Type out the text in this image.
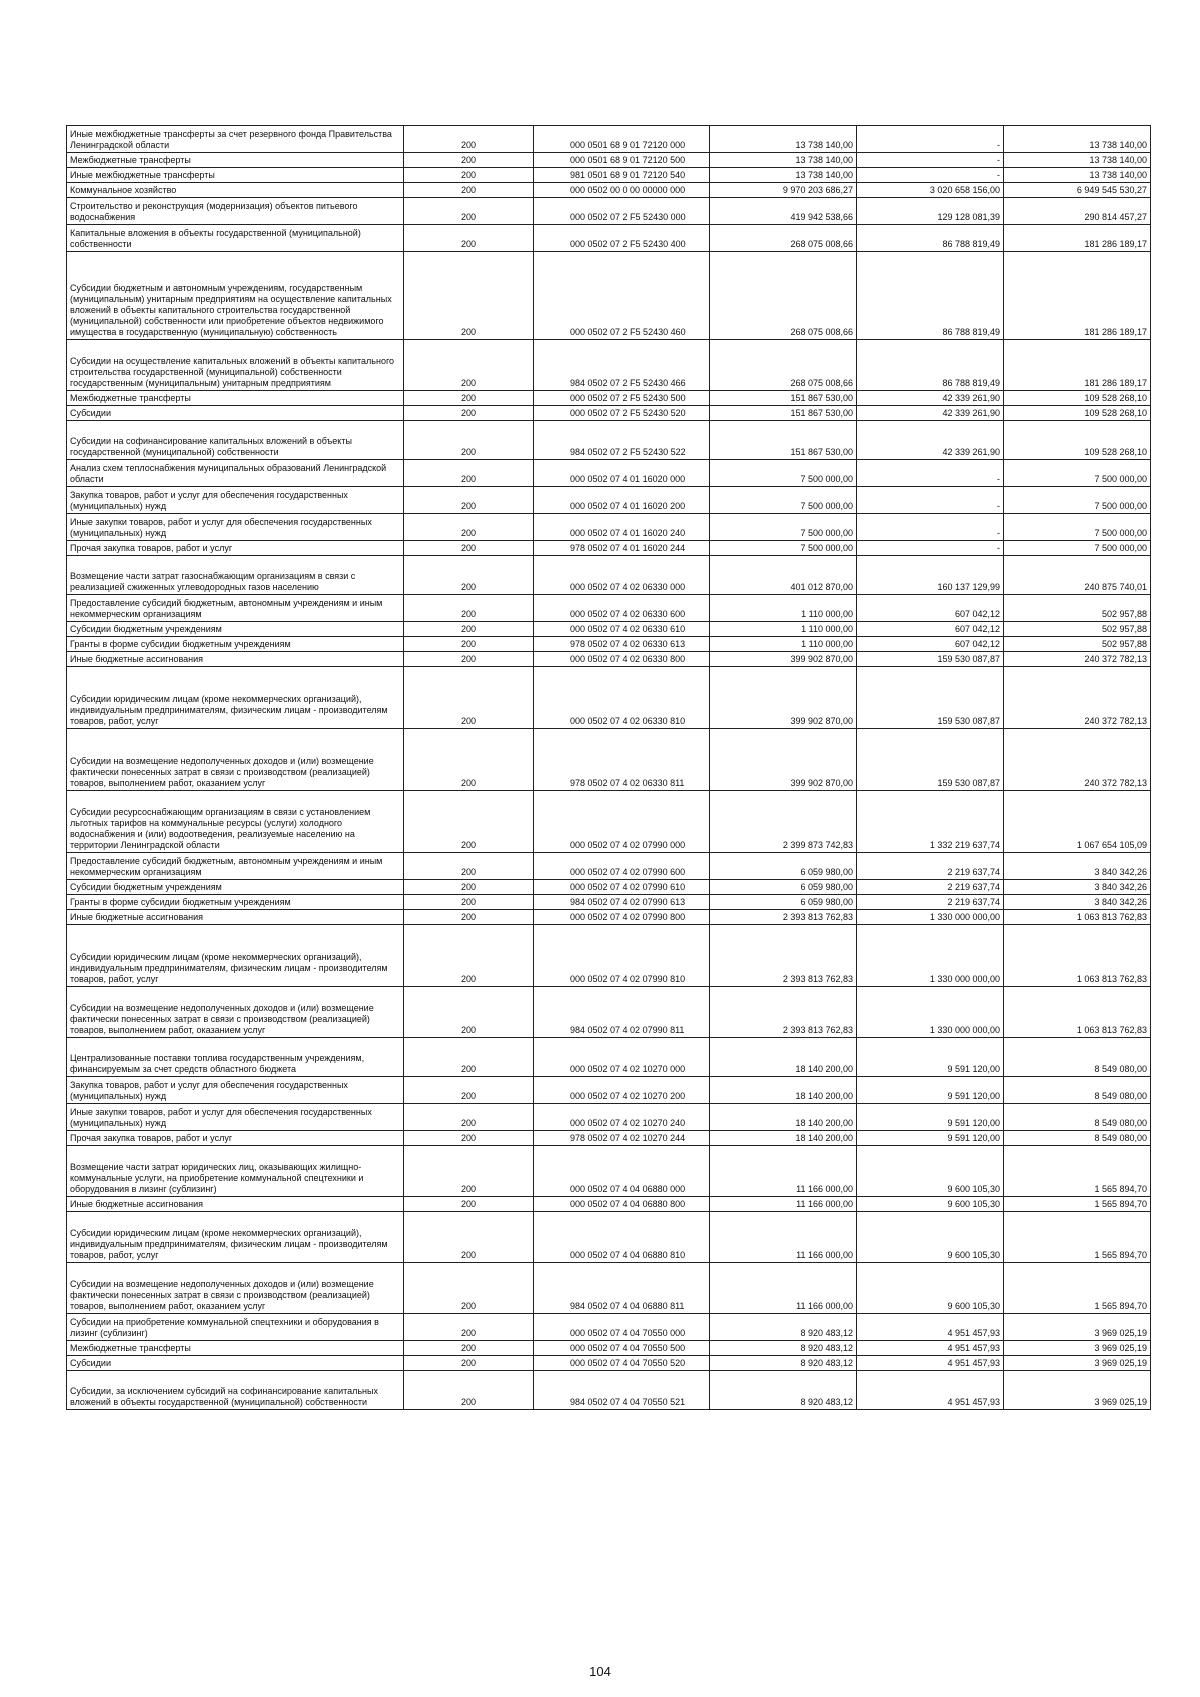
Иные межбюджетные трансферты за счет резервного фонда Правительства Ленинградской области	200	000 0501 68 9 01 72120 000	13 738 140,00	-	13 738 140,00
Межбюджетные трансферты	200	000 0501 68 9 01 72120 500	13 738 140,00	-	13 738 140,00
Иные межбюджетные трансферты	200	981 0501 68 9 01 72120 540	13 738 140,00	-	13 738 140,00
Коммунальное хозяйство	200	000 0502 00 0 00 00000 000	9 970 203 686,27	3 020 658 156,00	6 949 545 530,27
Строительство и реконструкция (модернизация) объектов питьевого водоснабжения	200	000 0502 07 2 F5 52430 000	419 942 538,66	129 128 081,39	290 814 457,27
Капитальные вложения в объекты государственной (муниципальной) собственности	200	000 0502 07 2 F5 52430 400	268 075 008,66	86 788 819,49	181 286 189,17
Субсидии бюджетным и автономным учреждениям, государственным (муниципальным) унитарным предприятиям на осуществление капитальных вложений в объекты капитального строительства государственной (муниципальной) собственности или приобретение объектов недвижимого имущества в государственную (муниципальную) собственность	200	000 0502 07 2 F5 52430 460	268 075 008,66	86 788 819,49	181 286 189,17
Субсидии на осуществление капитальных вложений в объекты капитального строительства государственной (муниципальной) собственности государственным (муниципальным) унитарным предприятиям	200	984 0502 07 2 F5 52430 466	268 075 008,66	86 788 819,49	181 286 189,17
Межбюджетные трансферты	200	000 0502 07 2 F5 52430 500	151 867 530,00	42 339 261,90	109 528 268,10
Субсидии	200	000 0502 07 2 F5 52430 520	151 867 530,00	42 339 261,90	109 528 268,10
Субсидии на софинансирование капитальных вложений в объекты государственной (муниципальной) собственности	200	984 0502 07 2 F5 52430 522	151 867 530,00	42 339 261,90	109 528 268,10
Анализ схем теплоснабжения муниципальных образований Ленинградской области	200	000 0502 07 4 01 16020 000	7 500 000,00	-	7 500 000,00
Закупка товаров, работ и услуг для обеспечения государственных (муниципальных) нужд	200	000 0502 07 4 01 16020 200	7 500 000,00	-	7 500 000,00
Иные закупки товаров, работ и услуг для обеспечения государственных (муниципальных) нужд	200	000 0502 07 4 01 16020 240	7 500 000,00	-	7 500 000,00
Прочая закупка товаров, работ и услуг	200	978 0502 07 4 01 16020 244	7 500 000,00	-	7 500 000,00
Возмещение части затрат газоснабжающим организациям в связи с реализацией сжиженных углеводородных газов населению	200	000 0502 07 4 02 06330 000	401 012 870,00	160 137 129,99	240 875 740,01
Предоставление субсидий бюджетным, автономным учреждениям и иным некоммерческим организациям	200	000 0502 07 4 02 06330 600	1 110 000,00	607 042,12	502 957,88
Субсидии бюджетным учреждениям	200	000 0502 07 4 02 06330 610	1 110 000,00	607 042,12	502 957,88
Гранты в форме субсидии бюджетным учреждениям	200	978 0502 07 4 02 06330 613	1 110 000,00	607 042,12	502 957,88
Иные бюджетные ассигнования	200	000 0502 07 4 02 06330 800	399 902 870,00	159 530 087,87	240 372 782,13
Субсидии юридическим лицам (кроме некоммерческих организаций), индивидуальным предпринимателям, физическим лицам - производителям товаров, работ, услуг	200	000 0502 07 4 02 06330 810	399 902 870,00	159 530 087,87	240 372 782,13
Субсидии на возмещение недополученных доходов и (или) возмещение фактически понесенных затрат в связи с производством (реализацией) товаров, выполнением работ, оказанием услуг	200	978 0502 07 4 02 06330 811	399 902 870,00	159 530 087,87	240 372 782,13
Субсидии ресурсоснабжающим организациям в связи с установлением льготных тарифов на коммунальные ресурсы (услуги) холодного водоснабжения и (или) водоотведения, реализуемые населению на территории Ленинградской области	200	000 0502 07 4 02 07990 000	2 399 873 742,83	1 332 219 637,74	1 067 654 105,09
Предоставление субсидий бюджетным, автономным учреждениям и иным некоммерческим организациям	200	000 0502 07 4 02 07990 600	6 059 980,00	2 219 637,74	3 840 342,26
Субсидии бюджетным учреждениям	200	000 0502 07 4 02 07990 610	6 059 980,00	2 219 637,74	3 840 342,26
Гранты в форме субсидии бюджетным учреждениям	200	984 0502 07 4 02 07990 613	6 059 980,00	2 219 637,74	3 840 342,26
Иные бюджетные ассигнования	200	000 0502 07 4 02 07990 800	2 393 813 762,83	1 330 000 000,00	1 063 813 762,83
Субсидии юридическим лицам (кроме некоммерческих организаций), индивидуальным предпринимателям, физическим лицам - производителям товаров, работ, услуг	200	000 0502 07 4 02 07990 810	2 393 813 762,83	1 330 000 000,00	1 063 813 762,83
Субсидии на возмещение недополученных доходов и (или) возмещение фактически понесенных затрат в связи с производством (реализацией) товаров, выполнением работ, оказанием услуг	200	984 0502 07 4 02 07990 811	2 393 813 762,83	1 330 000 000,00	1 063 813 762,83
Централизованные поставки топлива государственным учреждениям, финансируемым за счет средств областного бюджета	200	000 0502 07 4 02 10270 000	18 140 200,00	9 591 120,00	8 549 080,00
Закупка товаров, работ и услуг для обеспечения государственных (муниципальных) нужд	200	000 0502 07 4 02 10270 200	18 140 200,00	9 591 120,00	8 549 080,00
Иные закупки товаров, работ и услуг для обеспечения государственных (муниципальных) нужд	200	000 0502 07 4 02 10270 240	18 140 200,00	9 591 120,00	8 549 080,00
Прочая закупка товаров, работ и услуг	200	978 0502 07 4 02 10270 244	18 140 200,00	9 591 120,00	8 549 080,00
Возмещение части затрат юридических лиц, оказывающих жилищно-коммунальные услуги, на приобретение коммунальной спецтехники и оборудования в лизинг (сублизинг)	200	000 0502 07 4 04 06880 000	11 166 000,00	9 600 105,30	1 565 894,70
Иные бюджетные ассигнования	200	000 0502 07 4 04 06880 800	11 166 000,00	9 600 105,30	1 565 894,70
Субсидии юридическим лицам (кроме некоммерческих организаций), индивидуальным предпринимателям, физическим лицам - производителям товаров, работ, услуг	200	000 0502 07 4 04 06880 810	11 166 000,00	9 600 105,30	1 565 894,70
Субсидии на возмещение недополученных доходов и (или) возмещение фактически понесенных затрат в связи с производством (реализацией) товаров, выполнением работ, оказанием услуг	200	984 0502 07 4 04 06880 811	11 166 000,00	9 600 105,30	1 565 894,70
Субсидии на приобретение коммунальной спецтехники и оборудования в лизинг (сублизинг)	200	000 0502 07 4 04 70550 000	8 920 483,12	4 951 457,93	3 969 025,19
Межбюджетные трансферты	200	000 0502 07 4 04 70550 500	8 920 483,12	4 951 457,93	3 969 025,19
Субсидии	200	000 0502 07 4 04 70550 520	8 920 483,12	4 951 457,93	3 969 025,19
Субсидии, за исключением субсидий на софинансирование капитальных вложений в объекты государственной (муниципальной) собственности	200	984 0502 07 4 04 70550 521	8 920 483,12	4 951 457,93	3 969 025,19
104
